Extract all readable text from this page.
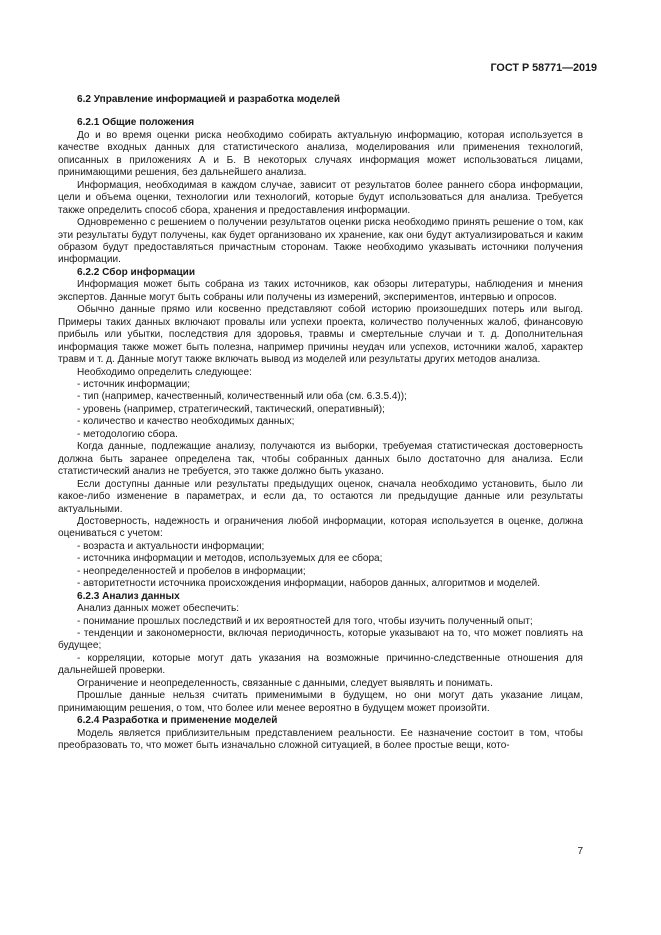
ГОСТ Р 58771—2019

6.2 Управление информацией и разработка моделей

6.2.1 Общие положения

До и во время оценки риска необходимо собирать актуальную информацию, которая используется в качестве входных данных для статистического анализа, моделирования или применения технологий, описанных в приложениях А и Б. В некоторых случаях информация может использоваться лицами, принимающими решения, без дальнейшего анализа.

Информация, необходимая в каждом случае, зависит от результатов более раннего сбора информации, цели и объема оценки, технологии или технологий, которые будут использоваться для анализа. Требуется также определить способ сбора, хранения и предоставления информации.

Одновременно с решением о получении результатов оценки риска необходимо принять решение о том, как эти результаты будут получены, как будет организовано их хранение, как они будут актуализироваться и каким образом будут предоставляться причастным сторонам. Также необходимо указывать источники получения информации.

6.2.2 Сбор информации

Информация может быть собрана из таких источников, как обзоры литературы, наблюдения и мнения экспертов. Данные могут быть собраны или получены из измерений, экспериментов, интервью и опросов.

Обычно данные прямо или косвенно представляют собой историю произошедших потерь или выгод. Примеры таких данных включают провалы или успехи проекта, количество полученных жалоб, финансовую прибыль или убытки, последствия для здоровья, травмы и смертельные случаи и т. д. Дополнительная информация также может быть полезна, например причины неудач или успехов, источники жалоб, характер травм и т. д. Данные могут также включать вывод из моделей или результаты других методов анализа.

Необходимо определить следующее:

- источник информации;

- тип (например, качественный, количественный или оба (см. 6.3.5.4));

- уровень (например, стратегический, тактический, оперативный);

- количество и качество необходимых данных;

- методологию сбора.

Когда данные, подлежащие анализу, получаются из выборки, требуемая статистическая достоверность должна быть заранее определена так, чтобы собранных данных было достаточно для анализа. Если статистический анализ не требуется, это также должно быть указано.

Если доступны данные или результаты предыдущих оценок, сначала необходимо установить, было ли какое-либо изменение в параметрах, и если да, то остаются ли предыдущие данные или результаты актуальными.

Достоверность, надежность и ограничения любой информации, которая используется в оценке, должна оцениваться с учетом:

- возраста и актуальности информации;

- источника информации и методов, используемых для ее сбора;

- неопределенностей и пробелов в информации;

- авторитетности источника происхождения информации, наборов данных, алгоритмов и моделей.

6.2.3 Анализ данных

Анализ данных может обеспечить:

- понимание прошлых последствий и их вероятностей для того, чтобы изучить полученный опыт;

- тенденции и закономерности, включая периодичность, которые указывают на то, что может повлиять на будущее;

- корреляции, которые могут дать указания на возможные причинно-следственные отношения для дальнейшей проверки.

Ограничение и неопределенность, связанные с данными, следует выявлять и понимать.

Прошлые данные нельзя считать применимыми в будущем, но они могут дать указание лицам, принимающим решения, о том, что более или менее вероятно в будущем может произойти.

6.2.4 Разработка и применение моделей

Модель является приблизительным представлением реальности. Ее назначение состоит в том, чтобы преобразовать то, что может быть изначально сложной ситуацией, в более простые вещи, кото-

7
